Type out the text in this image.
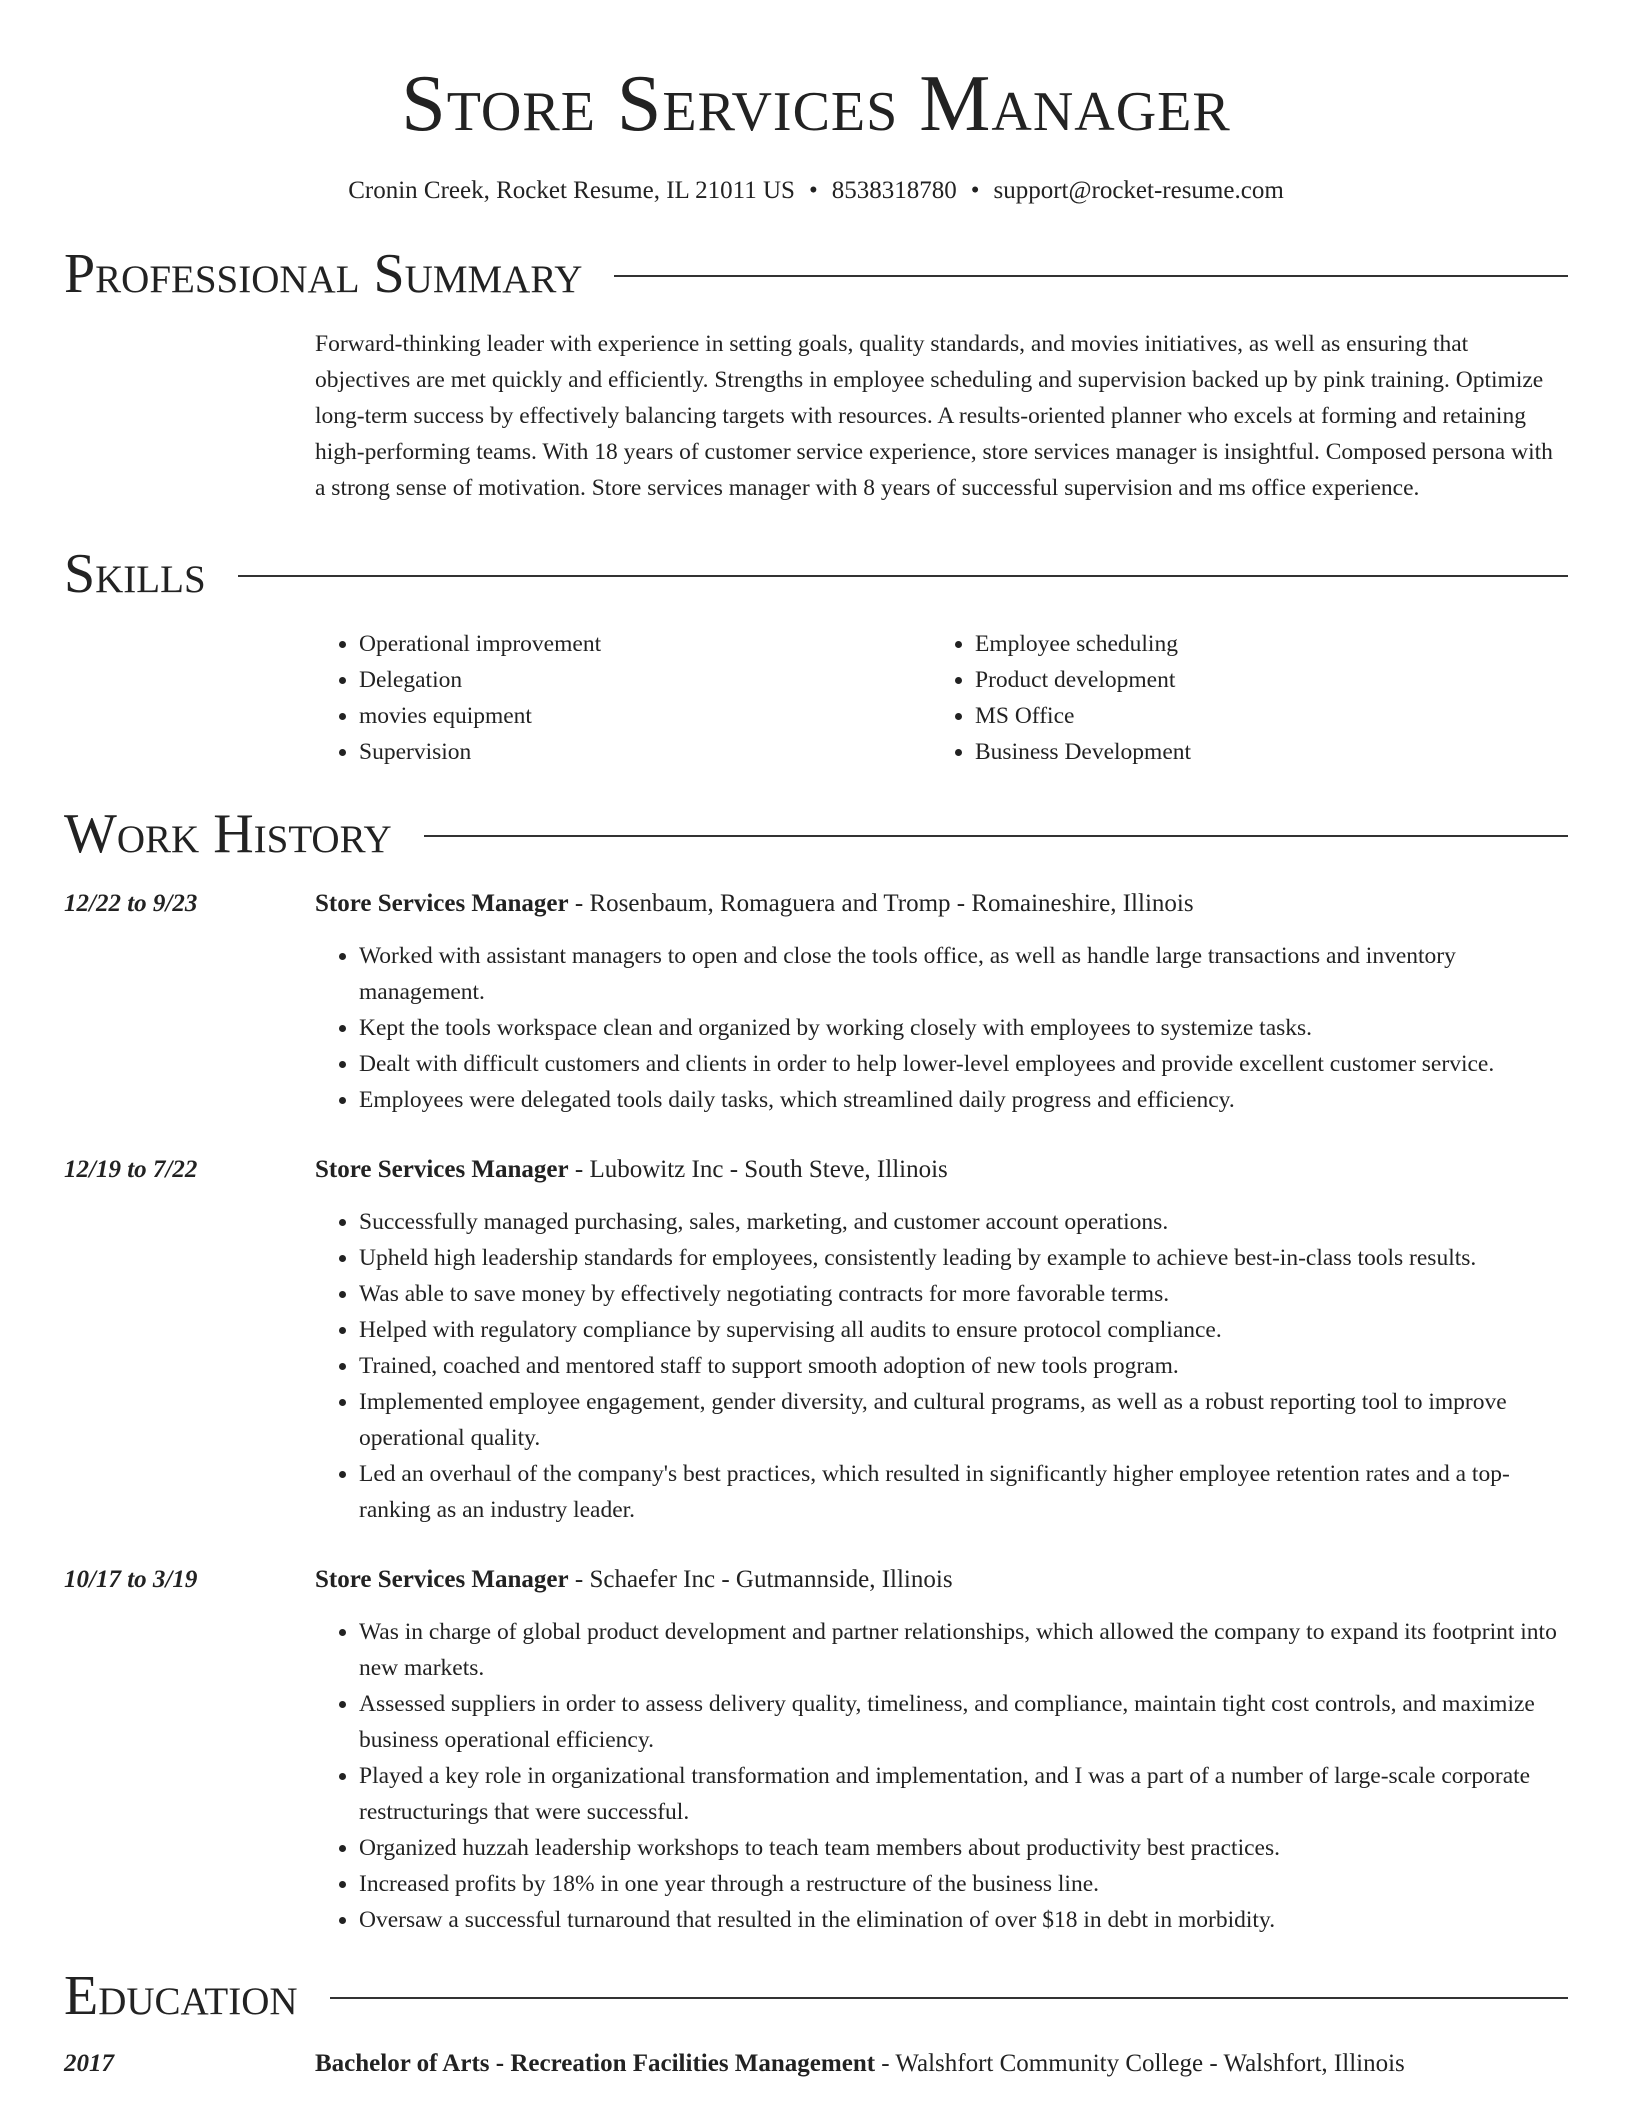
Store Services Manager
Cronin Creek, Rocket Resume, IL 21011 US • 8538318780 • support@rocket-resume.com
Professional Summary
Forward-thinking leader with experience in setting goals, quality standards, and movies initiatives, as well as ensuring that objectives are met quickly and efficiently. Strengths in employee scheduling and supervision backed up by pink training. Optimize long-term success by effectively balancing targets with resources. A results-oriented planner who excels at forming and retaining high-performing teams. With 18 years of customer service experience, store services manager is insightful. Composed persona with a strong sense of motivation. Store services manager with 8 years of successful supervision and ms office experience.
Skills
• Operational improvement
• Delegation
• movies equipment
• Supervision
• Employee scheduling
• Product development
• MS Office
• Business Development
Work History
12/22 to 9/23	Store Services Manager - Rosenbaum, Romaguera and Tromp - Romaineshire, Illinois
• Worked with assistant managers to open and close the tools office, as well as handle large transactions and inventory management.
• Kept the tools workspace clean and organized by working closely with employees to systemize tasks.
• Dealt with difficult customers and clients in order to help lower-level employees and provide excellent customer service.
• Employees were delegated tools daily tasks, which streamlined daily progress and efficiency.
12/19 to 7/22	Store Services Manager - Lubowitz Inc - South Steve, Illinois
• Successfully managed purchasing, sales, marketing, and customer account operations.
• Upheld high leadership standards for employees, consistently leading by example to achieve best-in-class tools results.
• Was able to save money by effectively negotiating contracts for more favorable terms.
• Helped with regulatory compliance by supervising all audits to ensure protocol compliance.
• Trained, coached and mentored staff to support smooth adoption of new tools program.
• Implemented employee engagement, gender diversity, and cultural programs, as well as a robust reporting tool to improve operational quality.
• Led an overhaul of the company's best practices, which resulted in significantly higher employee retention rates and a top-ranking as an industry leader.
10/17 to 3/19	Store Services Manager - Schaefer Inc - Gutmannside, Illinois
• Was in charge of global product development and partner relationships, which allowed the company to expand its footprint into new markets.
• Assessed suppliers in order to assess delivery quality, timeliness, and compliance, maintain tight cost controls, and maximize business operational efficiency.
• Played a key role in organizational transformation and implementation, and I was a part of a number of large-scale corporate restructurings that were successful.
• Organized huzzah leadership workshops to teach team members about productivity best practices.
• Increased profits by 18% in one year through a restructure of the business line.
• Oversaw a successful turnaround that resulted in the elimination of over $18 in debt in morbidity.
Education
2017	Bachelor of Arts - Recreation Facilities Management - Walshfort Community College - Walshfort, Illinois
